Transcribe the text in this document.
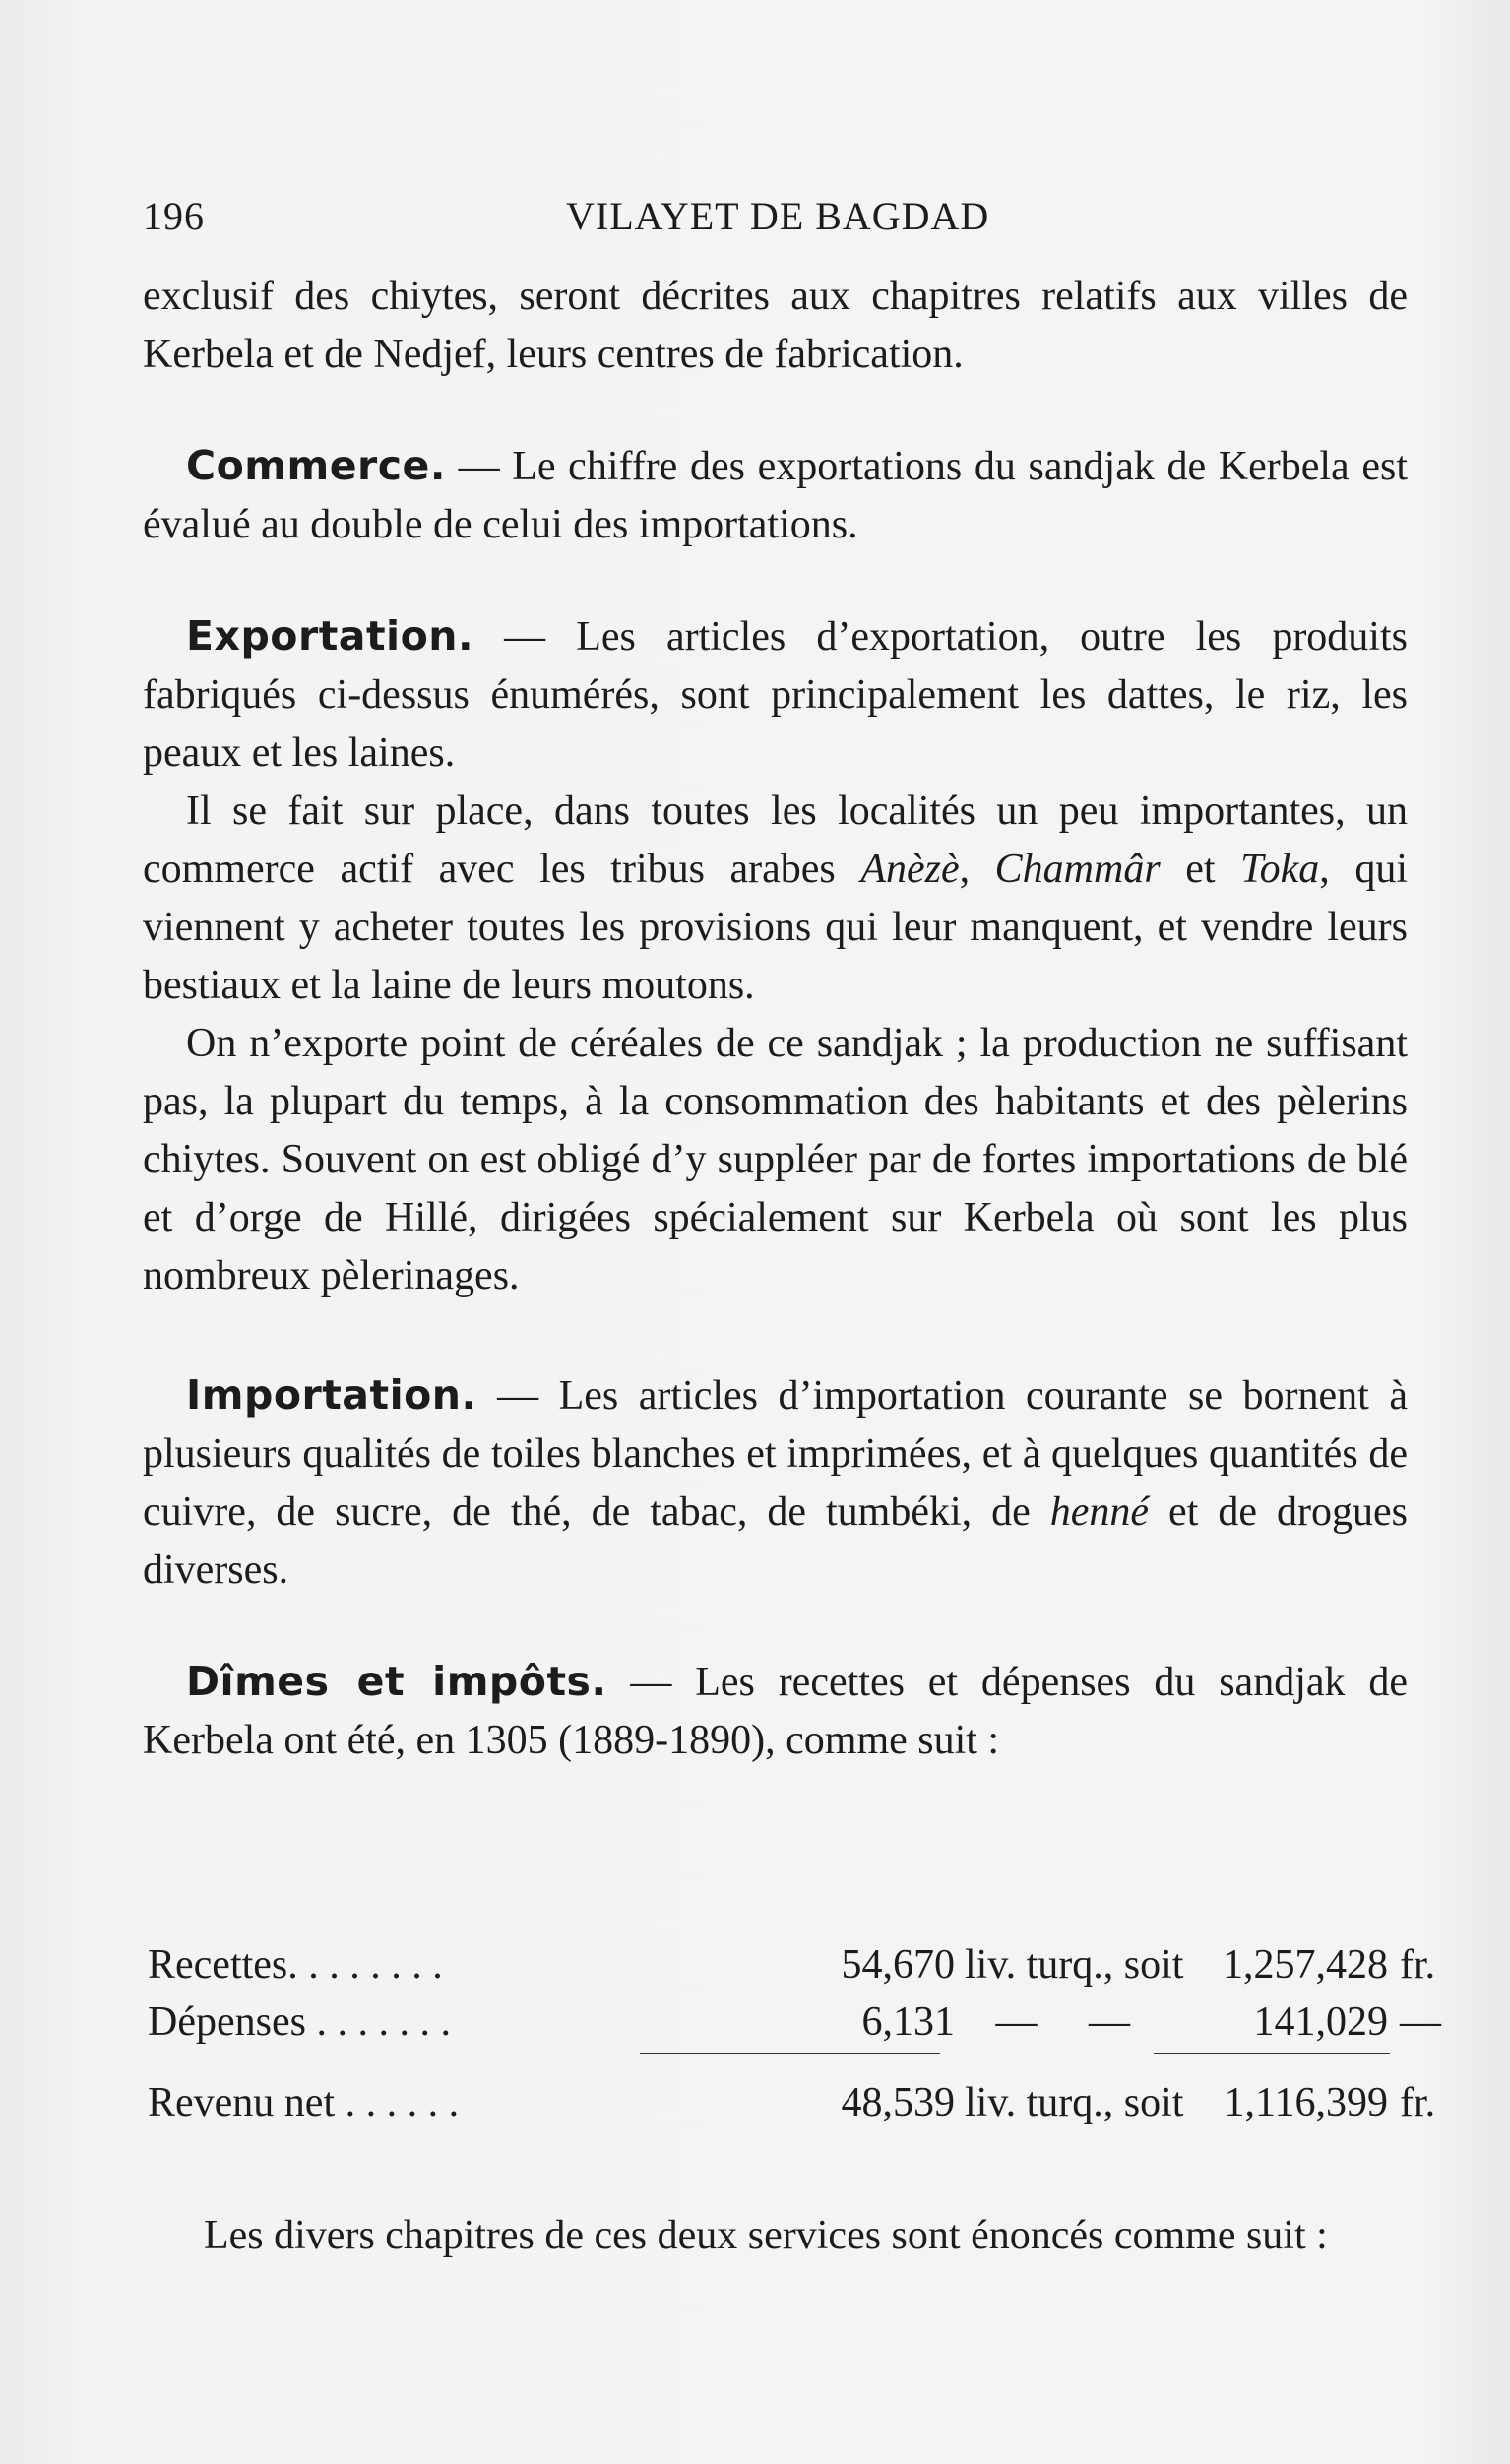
196	VILAYET DE BAGDAD

exclusif des chiytes, seront décrites aux chapitres relatifs aux villes de Kerbela et de Nedjef, leurs centres de fabrication.

Commerce. — Le chiffre des exportations du sandjak de Kerbela est évalué au double de celui des importations.

Exportation. — Les articles d’exportation, outre les produits fabriqués ci-dessus énumérés, sont principalement les dattes, le riz, les peaux et les laines.

Il se fait sur place, dans toutes les localités un peu importantes, un commerce actif avec les tribus arabes Anèzè, Chammâr et Toka, qui viennent y acheter toutes les provisions qui leur manquent, et vendre leurs bestiaux et la laine de leurs moutons.

On n’exporte point de céréales de ce sandjak ; la production ne suffisant pas, la plupart du temps, à la consommation des habitants et des pèlerins chiytes. Souvent on est obligé d’y suppléer par de fortes importations de blé et d’orge de Hillé, dirigées spécialement sur Kerbela où sont les plus nombreux pèlerinages.

Importation. — Les articles d’importation courante se bornent à plusieurs qualités de toiles blanches et imprimées, et à quelques quantités de cuivre, de sucre, de thé, de tabac, de tumbéki, de henné et de drogues diverses.

Dîmes et impôts. — Les recettes et dépenses du sandjak de Kerbela ont été, en 1305 (1889-1890), comme suit :

Recettes. . . . . . . .	54,670 liv. turq., soit 1,257,428 fr.
Dépenses . . . . . . .	6,131 —     —	141,029 —
Revenu net . . . . . .	48,539 liv. turq., soit 1,116,399 fr.

Les divers chapitres de ces deux services sont énoncés comme suit :
